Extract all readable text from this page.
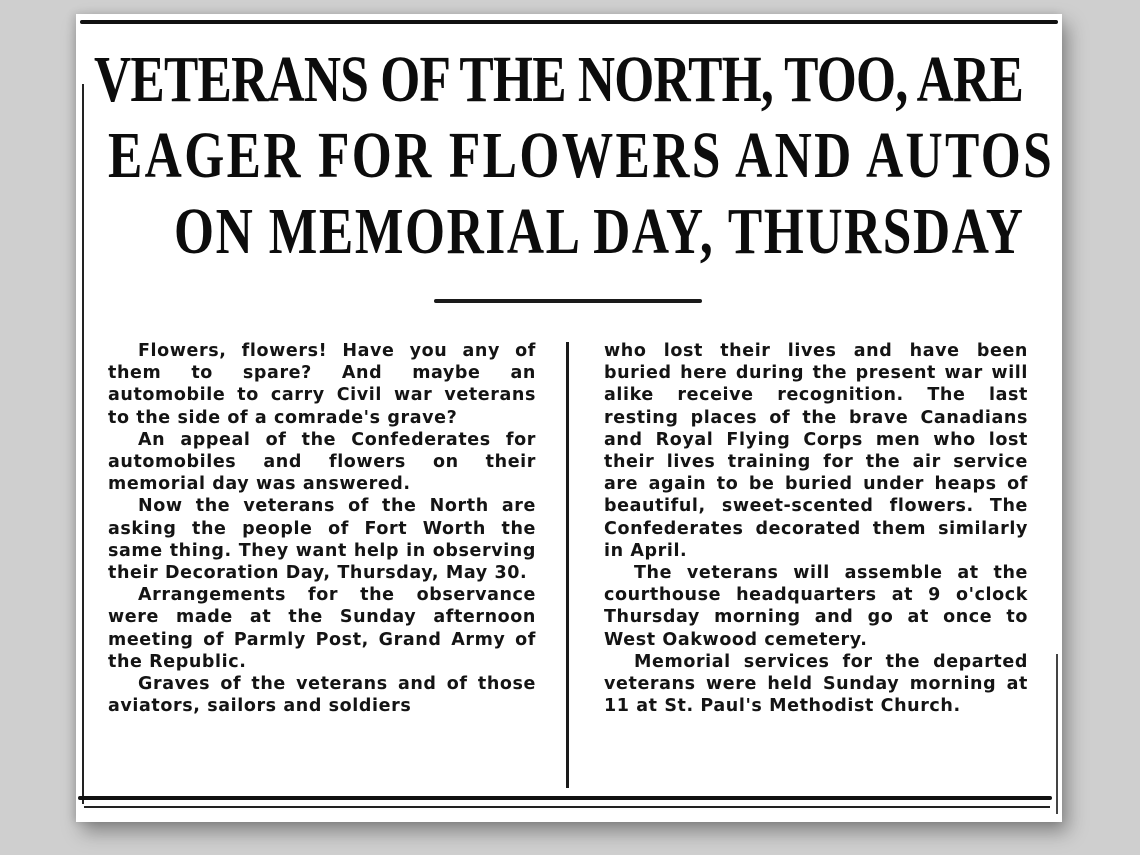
VETERANS OF THE NORTH, TOO, ARE
EAGER FOR FLOWERS AND AUTOS
ON MEMORIAL DAY, THURSDAY

Flowers, flowers! Have you any of them to spare? And maybe an automobile to carry Civil war veterans to the side of a comrade's grave?

An appeal of the Confederates for automobiles and flowers on their memorial day was answered.

Now the veterans of the North are asking the people of Fort Worth the same thing. They want help in observing their Decoration Day, Thursday, May 30.

Arrangements for the observance were made at the Sunday afternoon meeting of Parmly Post, Grand Army of the Republic.

Graves of the veterans and of those aviators, sailors and soldiers

who lost their lives and have been buried here during the present war will alike receive recognition. The last resting places of the brave Canadians and Royal Flying Corps men who lost their lives training for the air service are again to be buried under heaps of beautiful, sweet-scented flowers. The Confederates decorated them similarly in April.

The veterans will assemble at the courthouse headquarters at 9 o'clock Thursday morning and go at once to West Oakwood cemetery.

Memorial services for the departed veterans were held Sunday morning at 11 at St. Paul's Methodist Church.
